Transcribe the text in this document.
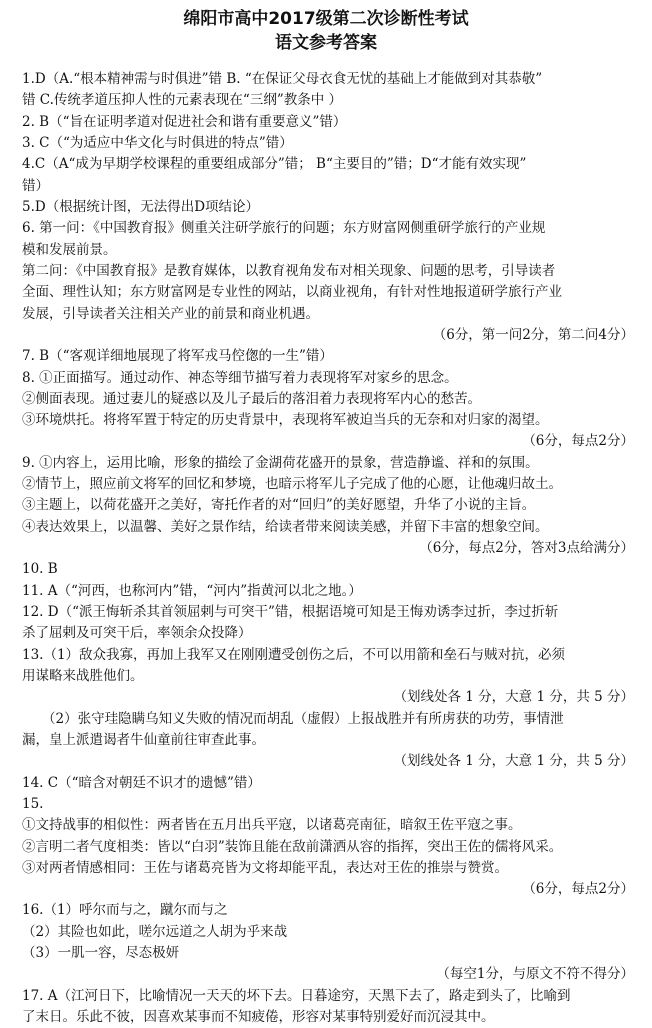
绵阳市高中2017级第二次诊断性考试
语文参考答案
1.D（A.“根本精神需与时俱进”错 B. “在保证父母衣食无忧的基础上才能做到对其恭敬”
错 C.传统孝道压抑人性的元素表现在“三纲”教条中 ）
2. B（“旨在证明孝道对促进社会和谐有重要意义”错）
3. C（“为适应中华文化与时俱进的特点”错）
4.C（A“成为早期学校课程的重要组成部分”错； B“主要目的”错；D“才能有效实现”
错）
5.D（根据统计图，无法得出D项结论）
6. 第一问：《中国教育报》侧重关注研学旅行的问题；东方财富网侧重研学旅行的产业规
模和发展前景。
第二问：《中国教育报》是教育媒体，以教育视角发布对相关现象、问题的思考，引导读者
全面、理性认知；东方财富网是专业性的网站，以商业视角，有针对性地报道研学旅行产业
发展，引导读者关注相关产业的前景和商业机遇。
（6分，第一问2分，第二问4分）
7. B（“客观详细地展现了将军戎马倥偬的一生”错）
8. ①正面描写。通过动作、神态等细节描写着力表现将军对家乡的思念。
②侧面表现。通过妻儿的疑惑以及儿子最后的落泪着力表现将军内心的愁苦。
③环境烘托。将将军置于特定的历史背景中，表现将军被迫当兵的无奈和对归家的渴望。
（6分，每点2分）
9. ①内容上，运用比喻，形象的描绘了金湖荷花盛开的景象，营造静谧、祥和的氛围。
②情节上，照应前文将军的回忆和梦境，也暗示将军儿子完成了他的心愿，让他魂归故土。
③主题上，以荷花盛开之美好，寄托作者的对“回归”的美好愿望，升华了小说的主旨。
④表达效果上，以温馨、美好之景作结，给读者带来阅读美感，并留下丰富的想象空间。
（6分，每点2分，答对3点给满分）
10. B
11. A（“河西，也称河内”错，“河内”指黄河以北之地。）
12. D（“派王悔斩杀其首领屈剌与可突干”错，根据语境可知是王悔劝诱李过折，李过折斩
杀了屈剌及可突干后，率领余众投降）
13.（1）敌众我寡，再加上我军又在刚刚遭受创伤之后，不可以用箭和垒石与贼对抗，必须
用谋略来战胜他们。
（划线处各 1 分，大意 1 分，共 5 分）
（2）张守珪隐瞒乌知义失败的情况而胡乱（虚假）上报战胜并有所虏获的功劳，事情泄
漏，皇上派遣谒者牛仙童前往审查此事。
（划线处各 1 分，大意 1 分，共 5 分）
14. C（“暗含对朝廷不识才的遗憾”错）
15.
①文持战事的相似性：两者皆在五月出兵平寇，以诸葛亮南征，暗叙王佐平寇之事。
②言明二者气度相类：皆以“白羽”装饰且能在敌前潇洒从容的指挥，突出王佐的儒将风采。
③对两者情感相同：王佐与诸葛亮皆为文将却能平乱，表达对王佐的推崇与赞赏。
（6分，每点2分）
16.（1）呼尔而与之，蹴尔而与之
（2）其险也如此，嗟尔远道之人胡为乎来哉
（3）一肌一容，尽态极妍
（每空1分，与原文不符不得分）
17. A（江河日下，比喻情况一天天的坏下去。日暮途穷，天黑下去了，路走到头了，比喻到
了末日。乐此不彼，因喜欢某事而不知疲倦，形容对某事特别爱好而沉浸其中。
